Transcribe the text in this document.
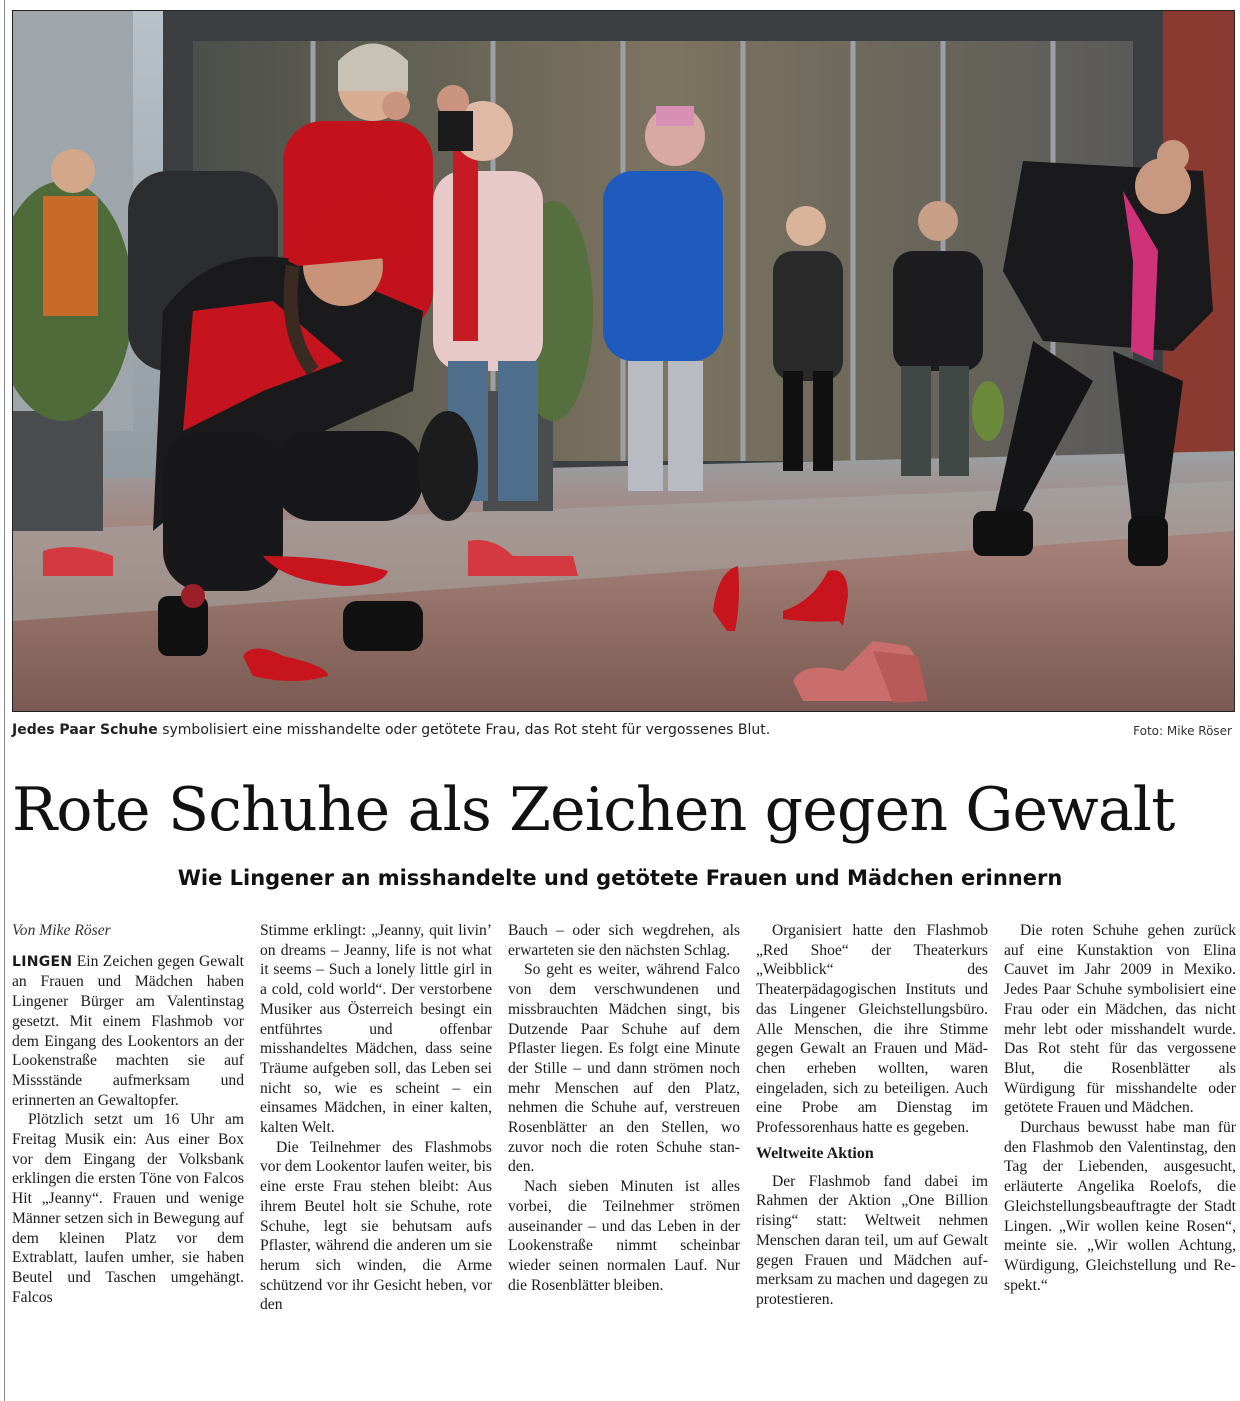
Jedes Paar Schuhe symbolisiert eine misshandelte oder getötete Frau, das Rot steht für vergossenes Blut.	Foto: Mike Röser
Rote Schuhe als Zeichen gegen Gewalt
Wie Lingener an misshandelte und getötete Frauen und Mädchen erinnern

Von Mike Röser

LINGEN Ein Zeichen gegen Gewalt an Frauen und Mädchen haben Lingener Bürger am Valentinstag gesetzt. Mit einem Flashmob vor dem Eingang des Lookentors an der Lookenstraße machten sie auf Missstände aufmerksam und erinnerten an Gewaltopfer.

Plötzlich setzt um 16 Uhr am Freitag Musik ein: Aus einer Box vor dem Eingang der Volksbank erklingen die ersten Töne von Falcos Hit „Jeanny“. Frauen und wenige Männer setzen sich in Bewegung auf dem kleinen Platz vor dem Extrablatt, laufen umher, sie haben Beutel und Taschen umgehängt. Falcos

Stimme erklingt: „Jeanny, quit livin’ on dreams – Jeanny, life is not what it seems – Such a lonely little girl in a cold, cold world“. Der verstorbene Musiker aus Österreich besingt ein entführtes und offenbar misshandeltes Mädchen, dass seine Träume aufgeben soll, das Leben sei nicht so, wie es scheint – ein einsames Mädchen, in einer kalten, kalten Welt.

Die Teilnehmer des Flashmobs vor dem Lookentor laufen weiter, bis eine erste Frau stehen bleibt: Aus ihrem Beutel holt sie Schuhe, rote Schuhe, legt sie behutsam aufs Pflaster, während die anderen um sie herum sich winden, die Arme schützend vor ihr Gesicht heben, vor den

Bauch – oder sich wegdrehen, als erwarteten sie den nächsten Schlag.

So geht es weiter, während Falco von dem verschwundenen und missbrauchten Mädchen singt, bis Dutzende Paar Schuhe auf dem Pflaster liegen. Es folgt eine Minute der Stille – und dann strömen noch mehr Menschen auf den Platz, nehmen die Schuhe auf, verstreuen Rosenblätter an den Stellen, wo zuvor noch die roten Schuhe standen.

Nach sieben Minuten ist alles vorbei, die Teilnehmer strömen auseinander – und das Leben in der Lookenstraße nimmt scheinbar wieder seinen normalen Lauf. Nur die Rosenblätter bleiben.

Organisiert hatte den Flashmob „Red Shoe“ der Theaterkurs „Weibblick“ des Theaterpädagogischen Instituts und das Lingener Gleichstellungsbüro. Alle Menschen, die ihre Stimme gegen Gewalt an Frauen und Mädchen erheben wollten, waren eingeladen, sich zu beteiligen. Auch eine Probe am Dienstag im Professorenhaus hatte es gegeben.

Weltweite Aktion

Der Flashmob fand dabei im Rahmen der Aktion „One Billion rising“ statt: Weltweit nehmen Menschen daran teil, um auf Gewalt gegen Frauen und Mädchen aufmerksam zu machen und dagegen zu protestieren.

Die roten Schuhe gehen zurück auf eine Kunstaktion von Elina Cauvet im Jahr 2009 in Mexiko. Jedes Paar Schuhe symbolisiert eine Frau oder ein Mädchen, das nicht mehr lebt oder misshandelt wurde. Das Rot steht für das vergossene Blut, die Rosenblätter als Würdigung für misshandelte oder getötete Frauen und Mädchen.

Durchaus bewusst habe man für den Flashmob den Valentinstag, den Tag der Liebenden, ausgesucht, erläuterte Angelika Roelofs, die Gleichstellungsbeauftragte der Stadt Lingen. „Wir wollen keine Rosen“, meinte sie. „Wir wollen Achtung, Würdigung, Gleichstellung und Respekt.“
